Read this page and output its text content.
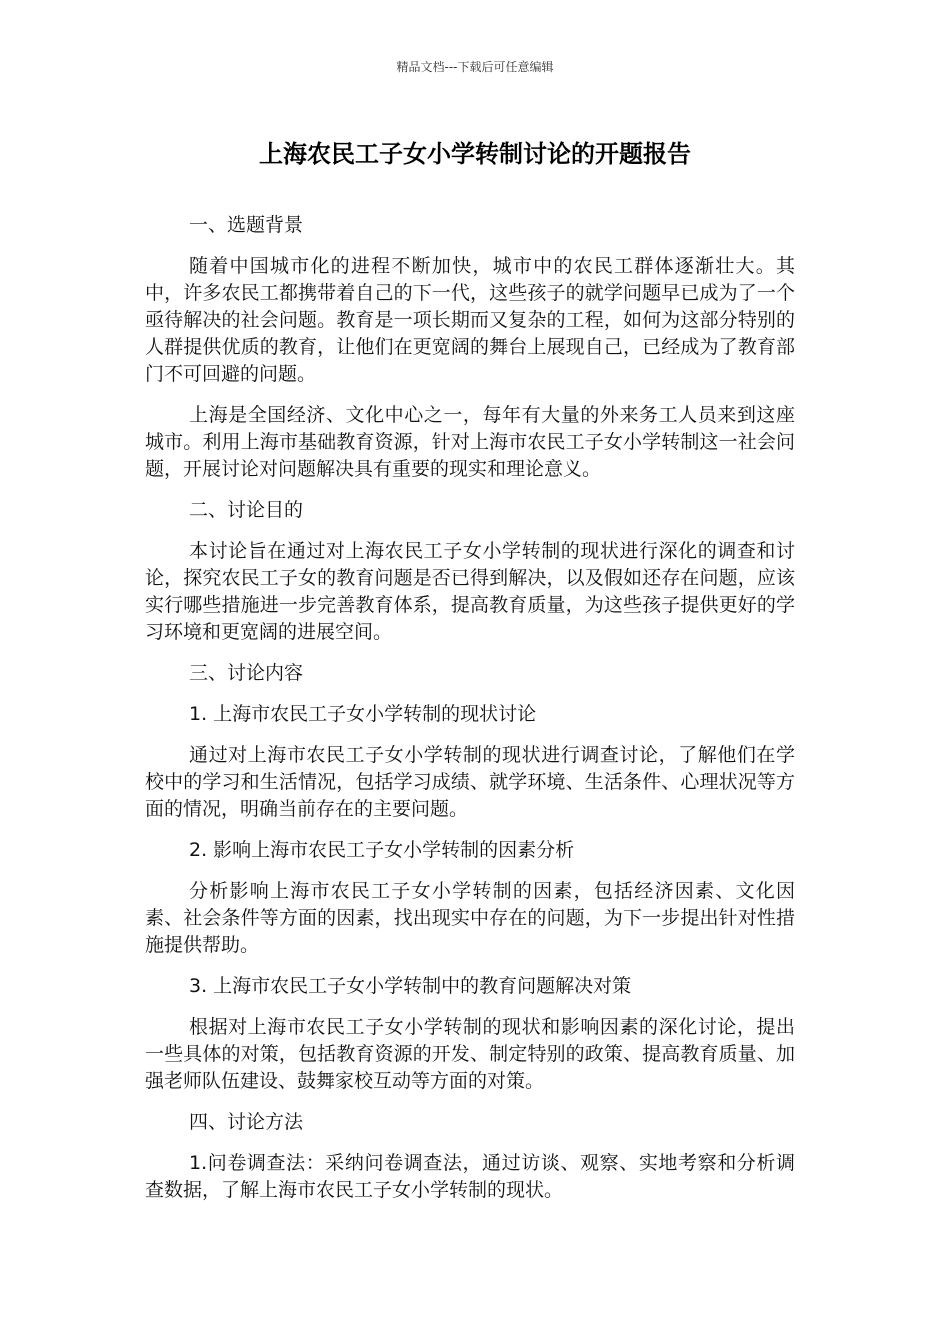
精品文档---下载后可任意编辑
上海农民工子女小学转制讨论的开题报告

一、选题背景

随着中国城市化的进程不断加快，城市中的农民工群体逐渐壮大。其中，许多农民工都携带着自己的下一代，这些孩子的就学问题早已成为了一个亟待解决的社会问题。教育是一项长期而又复杂的工程，如何为这部分特别的人群提供优质的教育，让他们在更宽阔的舞台上展现自己，已经成为了教育部门不可回避的问题。

上海是全国经济、文化中心之一，每年有大量的外来务工人员来到这座城市。利用上海市基础教育资源，针对上海市农民工子女小学转制这一社会问题，开展讨论对问题解决具有重要的现实和理论意义。

二、讨论目的

本讨论旨在通过对上海农民工子女小学转制的现状进行深化的调查和讨论，探究农民工子女的教育问题是否已得到解决，以及假如还存在问题，应该实行哪些措施进一步完善教育体系，提高教育质量，为这些孩子提供更好的学习环境和更宽阔的进展空间。

三、讨论内容

1. 上海市农民工子女小学转制的现状讨论

通过对上海市农民工子女小学转制的现状进行调查讨论，了解他们在学校中的学习和生活情况，包括学习成绩、就学环境、生活条件、心理状况等方面的情况，明确当前存在的主要问题。

2. 影响上海市农民工子女小学转制的因素分析

分析影响上海市农民工子女小学转制的因素，包括经济因素、文化因素、社会条件等方面的因素，找出现实中存在的问题，为下一步提出针对性措施提供帮助。

3. 上海市农民工子女小学转制中的教育问题解决对策

根据对上海市农民工子女小学转制的现状和影响因素的深化讨论，提出一些具体的对策，包括教育资源的开发、制定特别的政策、提高教育质量、加强老师队伍建设、鼓舞家校互动等方面的对策。

四、讨论方法

1.问卷调查法：采纳问卷调查法，通过访谈、观察、实地考察和分析调查数据，了解上海市农民工子女小学转制的现状。
